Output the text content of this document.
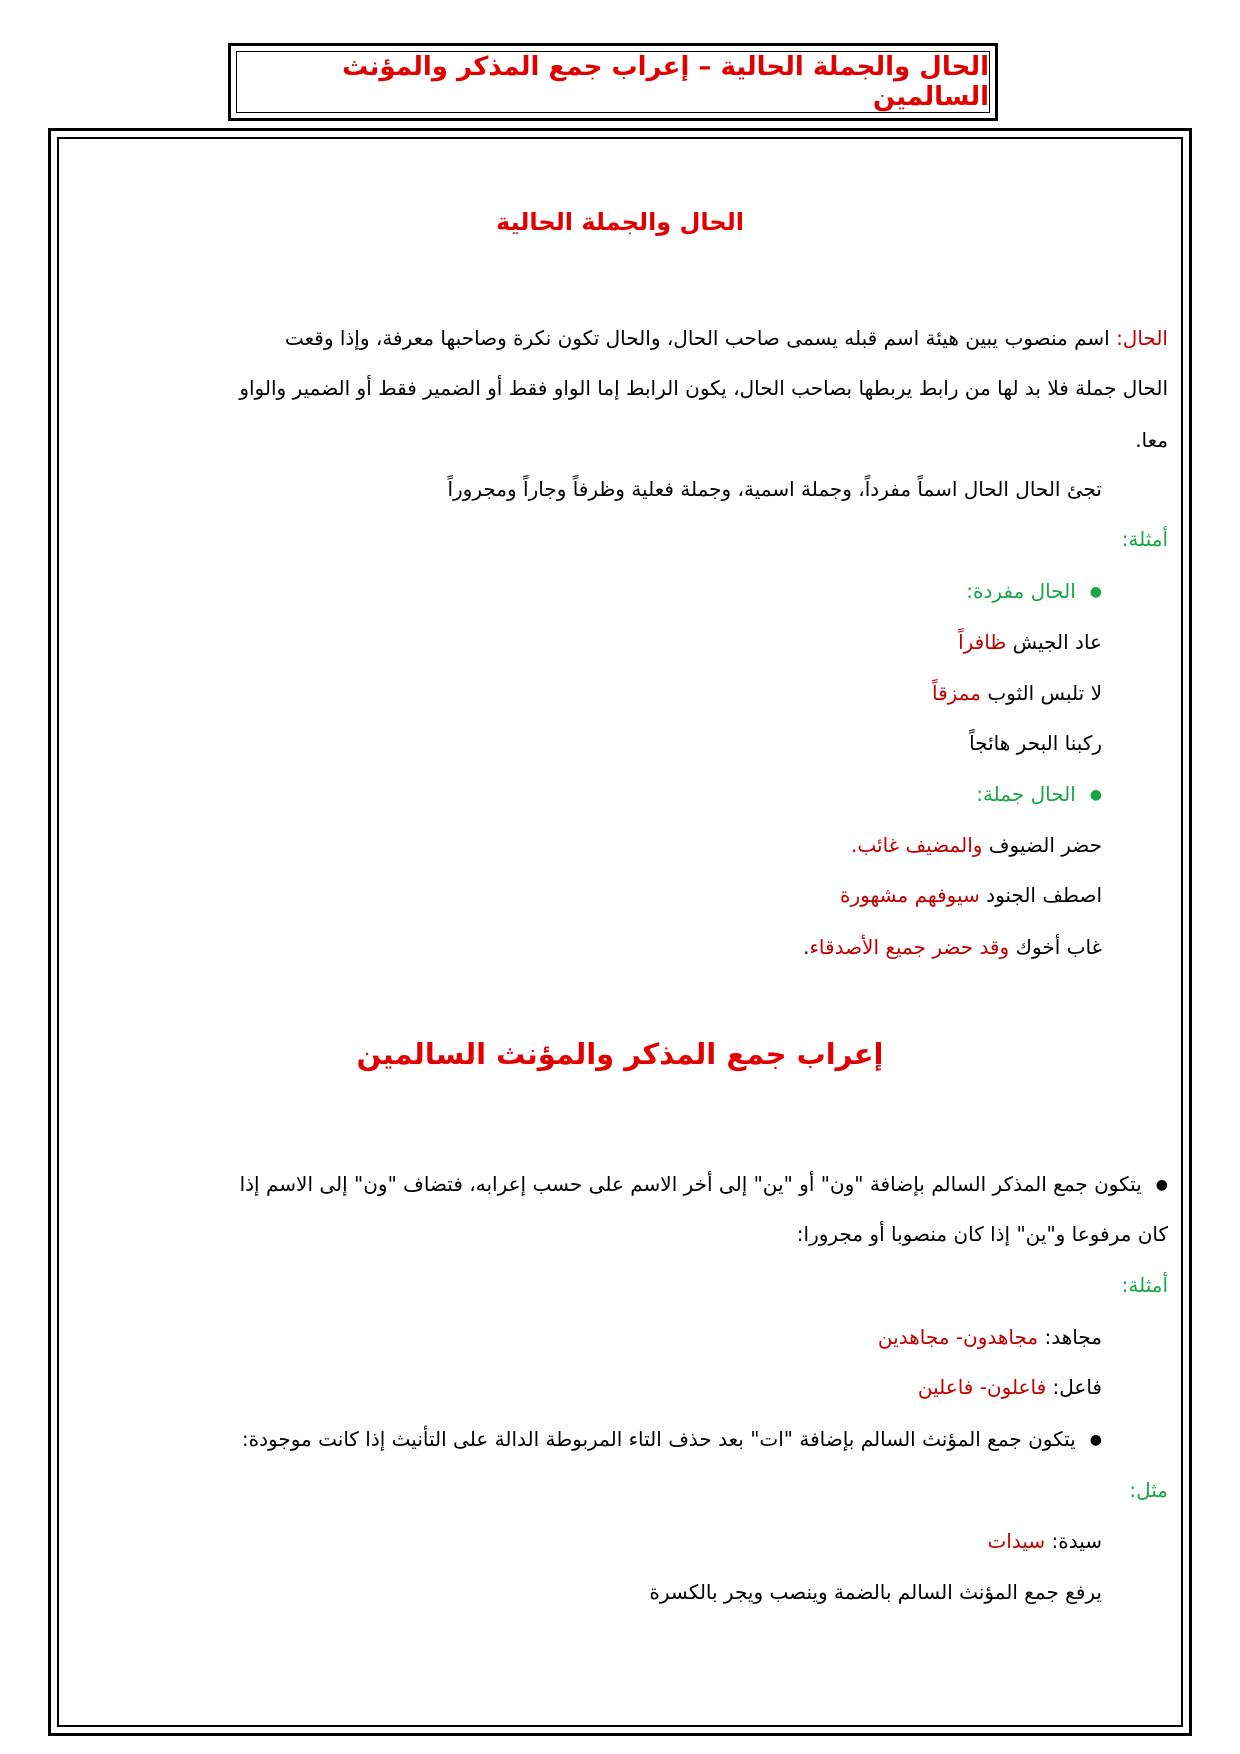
الحال والجملة الحالية – إعراب جمع المذكر والمؤنث السالمين
الحال والجملة الحالية
الحال: اسم منصوب يبين هيئة اسم قبله يسمى صاحب الحال، والحال تكون نكرة وصاحبها معرفة، وإذا وقعت
الحال جملة فلا بد لها من رابط يربطها بصاحب الحال، يكون الرابط إما الواو فقط أو الضمير فقط أو الضمير والواو
معا.
تجئ الحال الحال اسماً مفرداً، وجملة اسمية، وجملة فعلية وظرفاً وجاراً ومجروراً
أمثلة:
●الحال مفردة:
عاد الجيش ظافراً
لا تلبس الثوب ممزقاً
ركبنا البحر هائجاً
●الحال جملة:
حضر الضيوف والمضيف غائب.
اصطف الجنود سيوفهم مشهورة
غاب أخوك وقد حضر جميع الأصدقاء.
إعراب جمع المذكر والمؤنث السالمين
●يتكون جمع المذكر السالم بإضافة "ون" أو "ين" إلى أخر الاسم على حسب إعرابه، فتضاف "ون" إلى الاسم إذا
كان مرفوعا و"ين" إذا كان منصوبا أو مجرورا:
أمثلة:
مجاهد: مجاهدون- مجاهدين
فاعل: فاعلون- فاعلين
●يتكون جمع المؤنث السالم بإضافة "ات" بعد حذف التاء المربوطة الدالة على التأنيث إذا كانت موجودة:
مثل:
سيدة: سيدات
يرفع جمع المؤنث السالم بالضمة وينصب ويجر بالكسرة
